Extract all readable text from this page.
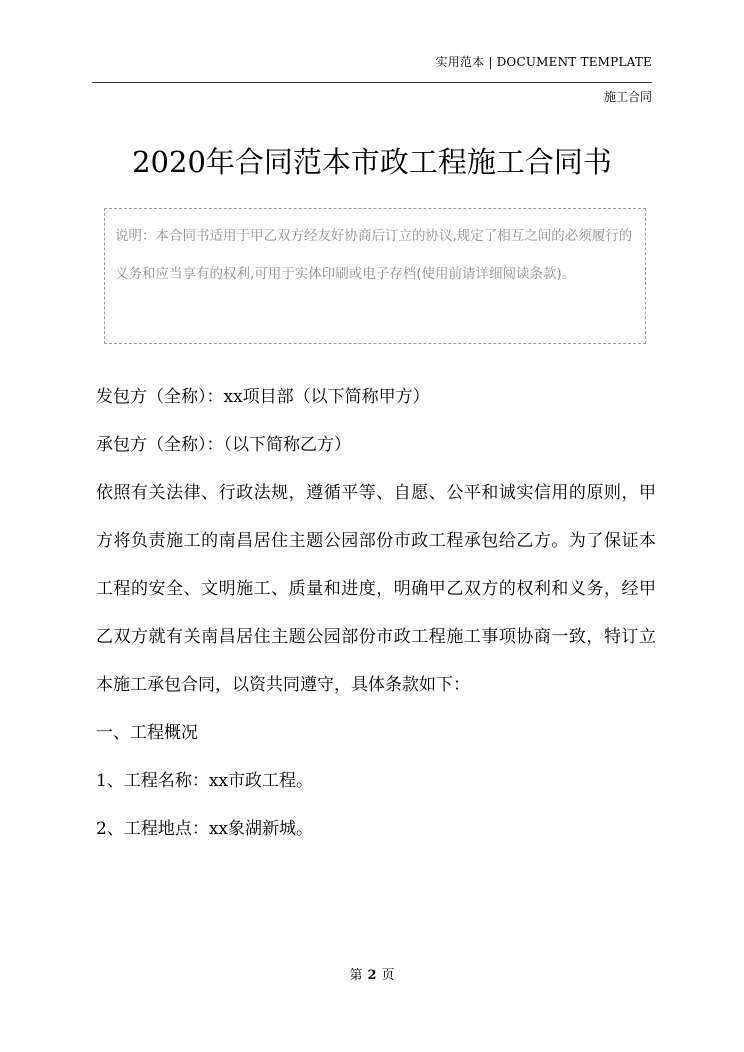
实用范本 | DOCUMENT TEMPLATE
施工合同
2020年合同范本市政工程施工合同书
说明：本合同书适用于甲乙双方经友好协商后订立的协议,规定了相互之间的必须履行的义务和应当享有的权利,可用于实体印刷或电子存档(使用前请详细阅读条款)。

发包方（全称）：xx项目部（以下简称甲方）

承包方（全称）：（以下简称乙方）

依照有关法律、行政法规，遵循平等、自愿、公平和诚实信用的原则，甲方将负责施工的南昌居住主题公园部份市政工程承包给乙方。为了保证本工程的安全、文明施工、质量和进度，明确甲乙双方的权利和义务，经甲乙双方就有关南昌居住主题公园部份市政工程施工事项协商一致，特订立本施工承包合同，以资共同遵守，具体条款如下：

一、工程概况

1、工程名称：xx市政工程。

2、工程地点：xx象湖新城。

第 2 页
